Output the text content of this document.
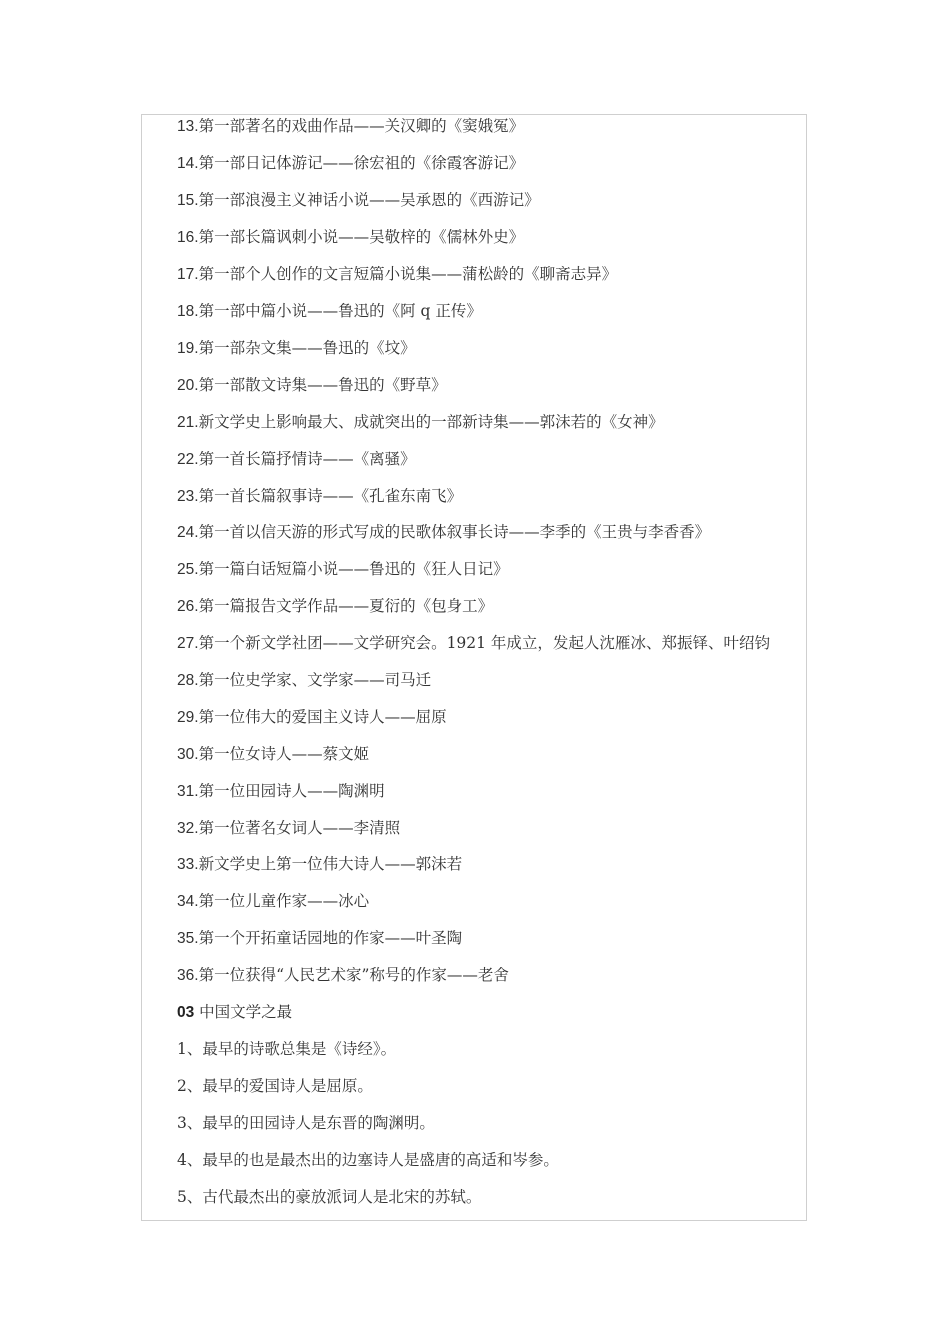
13.第一部著名的戏曲作品——关汉卿的《窦娥冤》
14.第一部日记体游记——徐宏祖的《徐霞客游记》
15.第一部浪漫主义神话小说——吴承恩的《西游记》
16.第一部长篇讽刺小说——吴敬梓的《儒林外史》
17.第一部个人创作的文言短篇小说集——蒲松龄的《聊斋志异》
18.第一部中篇小说——鲁迅的《阿 q 正传》
19.第一部杂文集——鲁迅的《坟》
20.第一部散文诗集——鲁迅的《野草》
21.新文学史上影响最大、成就突出的一部新诗集——郭沫若的《女神》
22.第一首长篇抒情诗——《离骚》
23.第一首长篇叙事诗——《孔雀东南飞》
24.第一首以信天游的形式写成的民歌体叙事长诗——李季的《王贵与李香香》
25.第一篇白话短篇小说——鲁迅的《狂人日记》
26.第一篇报告文学作品——夏衍的《包身工》
27.第一个新文学社团——文学研究会。1921 年成立，发起人沈雁冰、郑振铎、叶绍钧
28.第一位史学家、文学家——司马迁
29.第一位伟大的爱国主义诗人——屈原
30.第一位女诗人——蔡文姬
31.第一位田园诗人——陶渊明
32.第一位著名女词人——李清照
33.新文学史上第一位伟大诗人——郭沫若
34.第一位儿童作家——冰心
35.第一个开拓童话园地的作家——叶圣陶
36.第一位获得“人民艺术家”称号的作家——老舍
03 中国文学之最
1、最早的诗歌总集是《诗经》。
2、最早的爱国诗人是屈原。
3、最早的田园诗人是东晋的陶渊明。
4、最早的也是最杰出的边塞诗人是盛唐的高适和岑参。
5、古代最杰出的豪放派词人是北宋的苏轼。
